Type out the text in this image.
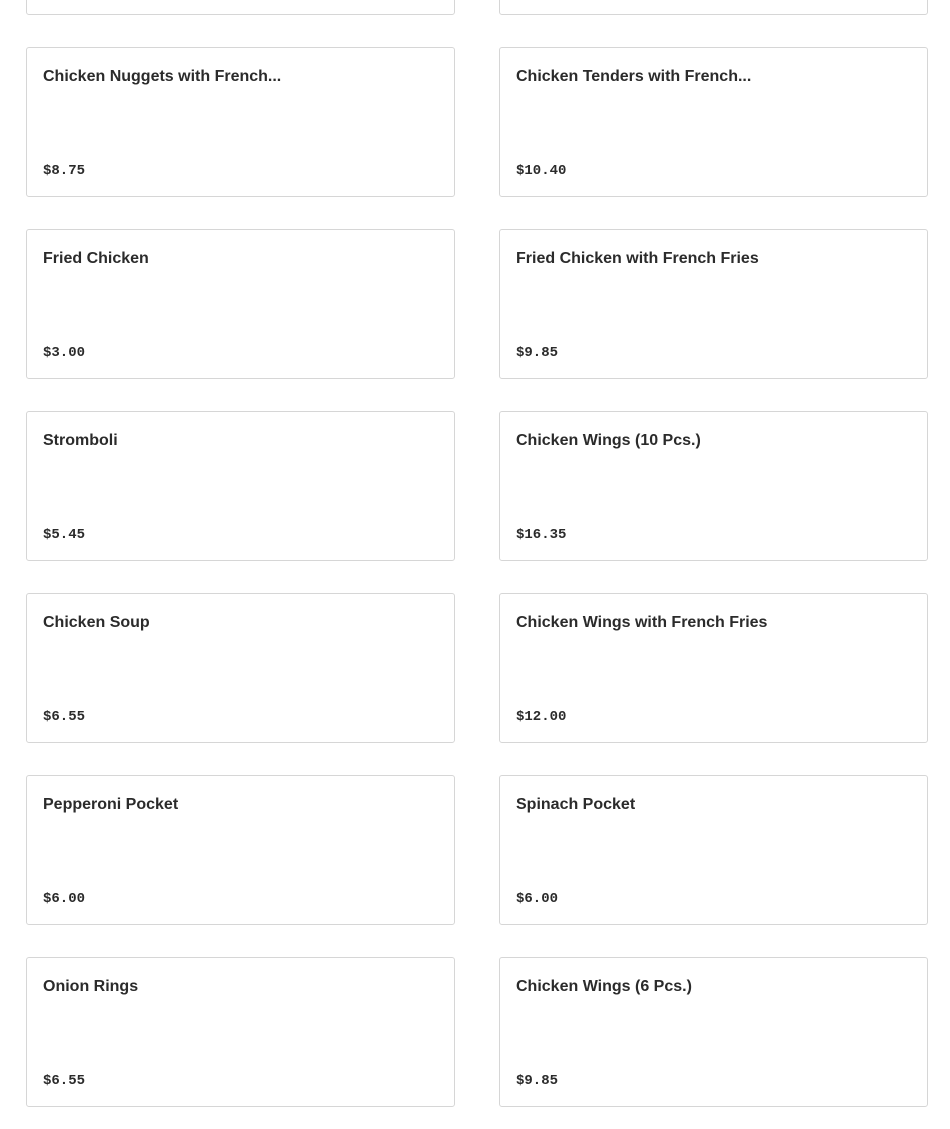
Chicken Nuggets with French...
$8.75
Chicken Tenders with French...
$10.40
Fried Chicken
$3.00
Fried Chicken with French Fries
$9.85
Stromboli
$5.45
Chicken Wings (10 Pcs.)
$16.35
Chicken Soup
$6.55
Chicken Wings with French Fries
$12.00
Pepperoni Pocket
$6.00
Spinach Pocket
$6.00
Onion Rings
$6.55
Chicken Wings (6 Pcs.)
$9.85
